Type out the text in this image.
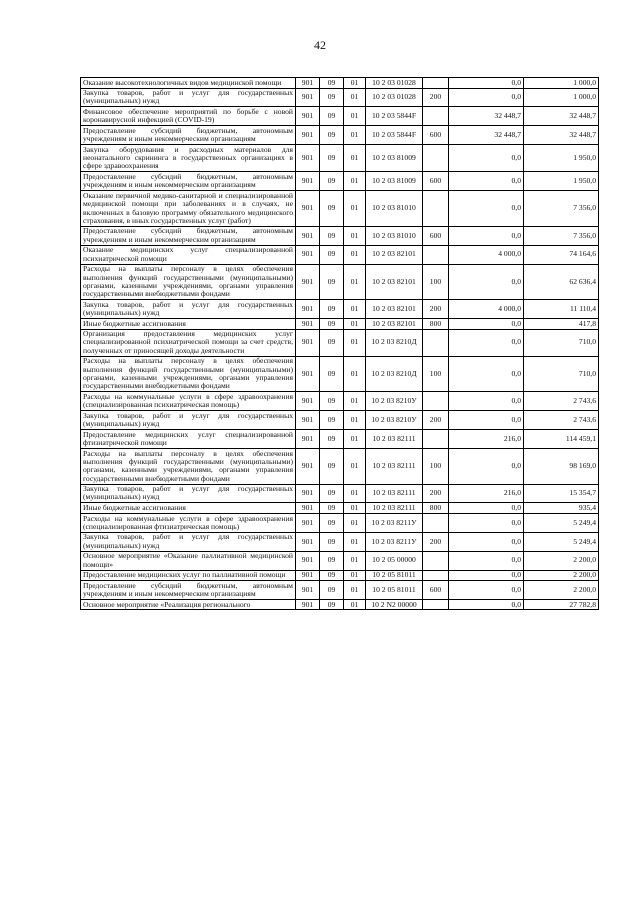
42
Оказание высокотехнологичных видов медицинской помощи	901	09	01	10 2 03 01028		0,0	1 000,0
Закупка товаров, работ и услуг для государственных (муниципальных) нужд	901	09	01	10 2 03 01028	200	0,0	1 000,0
Финансовое обеспечение мероприятий по борьбе с новой коронавирусной инфекцией (COVID-19)	901	09	01	10 2 03 5844F		32 448,7	32 448,7
Предоставление субсидий бюджетным, автономным учреждениям и иным некоммерческим организациям	901	09	01	10 2 03 5844F	600	32 448,7	32 448,7
Закупка оборудования и расходных материалов для неонатального скрининга в государственных организациях в сфере здравоохранения	901	09	01	10 2 03 81009		0,0	1 950,0
Предоставление субсидий бюджетным, автономным учреждениям и иным некоммерческим организациям	901	09	01	10 2 03 81009	600	0,0	1 950,0
Оказание первичной медико-санитарной и специализированной медицинской помощи при заболеваниях и в случаях, не включенных в базовую программу обязательного медицинского страхования, в иных государственных услуг (работ)	901	09	01	10 2 03 81010		0,0	7 356,0
Предоставление субсидий бюджетным, автономным учреждениям и иным некоммерческим организациям	901	09	01	10 2 03 81010	600	0,0	7 356,0
Оказание медицинских услуг специализированной психиатрической помощи	901	09	01	10 2 03 82101		4 000,0	74 164,6
Расходы на выплаты персоналу в целях обеспечения выполнения функций государственными (муниципальными) органами, казенными учреждениями, органами управления государственными внебюджетными фондами	901	09	01	10 2 03 82101	100	0,0	62 636,4
Закупка товаров, работ и услуг для государственных (муниципальных) нужд	901	09	01	10 2 03 82101	200	4 000,0	11 110,4
Иные бюджетные ассигнования	901	09	01	10 2 03 82101	800	0,0	417,8
Организация предоставления медицинских услуг специализированной психиатрической помощи за счет средств, полученных от приносящей доходы деятельности	901	09	01	10 2 03 8210Д		0,0	710,0
Расходы на выплаты персоналу в целях обеспечения выполнения функций государственными (муниципальными) органами, казенными учреждениями, органами управления государственными внебюджетными фондами	901	09	01	10 2 03 8210Д	100	0,0	710,0
Расходы на коммунальные услуги в сфере здравоохранения (специализированная психиатрическая помощь)	901	09	01	10 2 03 8210У		0,0	2 743,6
Закупка товаров, работ и услуг для государственных (муниципальных) нужд	901	09	01	10 2 03 8210У	200	0,0	2 743,6
Предоставление медицинских услуг специализированной фтизиатрической помощи	901	09	01	10 2 03 82111		216,0	114 459,1
Расходы на выплаты персоналу в целях обеспечения выполнения функций государственными (муниципальными) органами, казенными учреждениями, органами управления государственными внебюджетными фондами	901	09	01	10 2 03 82111	100	0,0	98 169,0
Закупка товаров, работ и услуг для государственных (муниципальных) нужд	901	09	01	10 2 03 82111	200	216,0	15 354,7
Иные бюджетные ассигнования	901	09	01	10 2 03 82111	800	0,0	935,4
Расходы на коммунальные услуги в сфере здравоохранения (специализированная фтизиатрическая помощь)	901	09	01	10 2 03 8211У		0,0	5 249,4
Закупка товаров, работ и услуг для государственных (муниципальных) нужд	901	09	01	10 2 03 8211У	200	0,0	5 249,4
Основное мероприятие «Оказание паллиативной медицинской помощи»	901	09	01	10 2 05 00000		0,0	2 200,0
Предоставление медицинских услуг по паллиативной помощи	901	09	01	10 2 05 81011		0,0	2 200,0
Предоставление субсидий бюджетным, автономным учреждениям и иным некоммерческим организациям	901	09	01	10 2 05 81011	600	0,0	2 200,0
Основное мероприятие «Реализация регионального	901	09	01	10 2 N2 00000		0,0	27 782,8
